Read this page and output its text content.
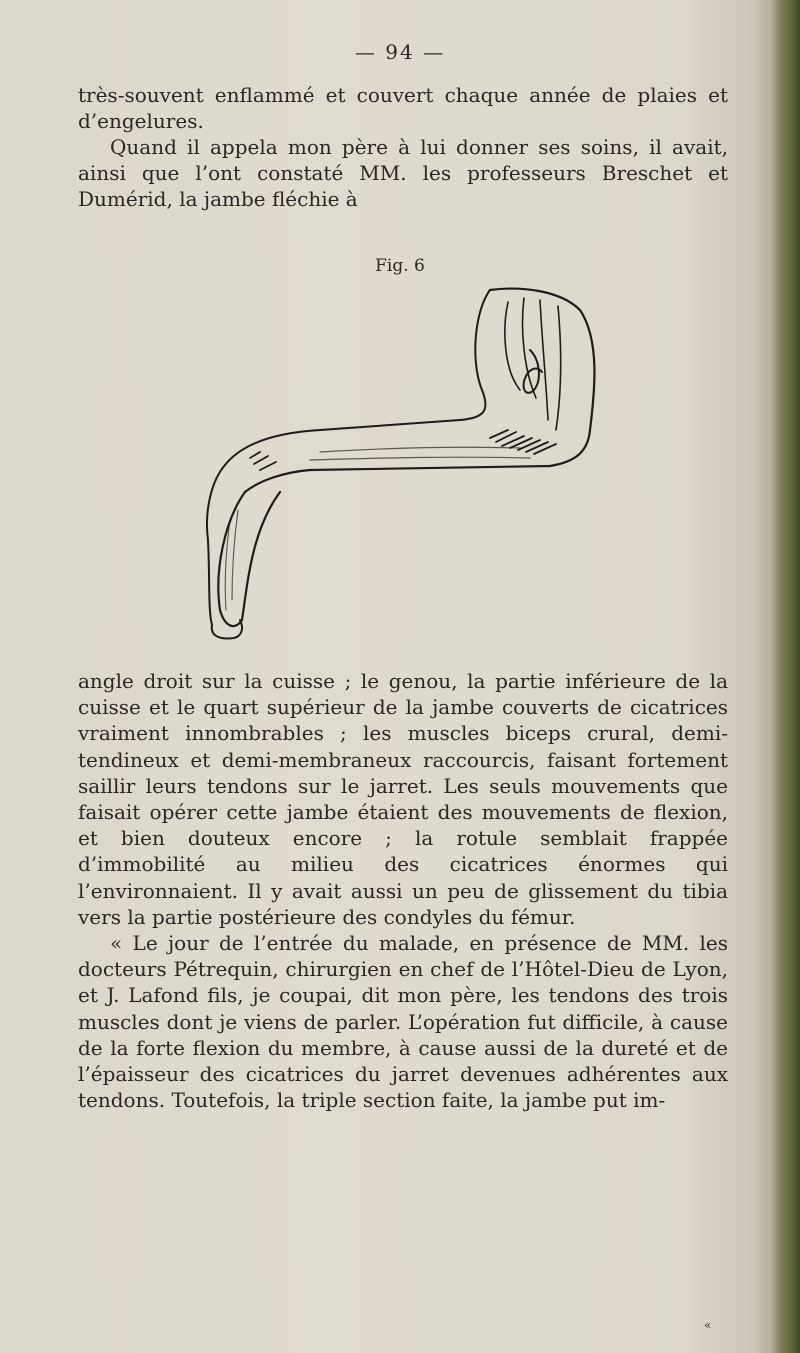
— 94 —

très-souvent enflammé et couvert chaque année de plaies et d’engelures.

Quand il appela mon père à lui donner ses soins, il avait, ainsi que l’ont constaté MM. les professeurs Breschet et Dumérid, la jambe fléchie à

Fig. 6

angle droit sur la cuisse ; le genou, la partie inférieure de la cuisse et le quart supérieur de la jambe couverts de cicatrices vraiment innombrables ; les muscles biceps crural, demi-tendineux et demi-membraneux raccourcis, faisant fortement saillir leurs tendons sur le jarret. Les seuls mouvements que faisait opérer cette jambe étaient des mouvements de flexion, et bien douteux encore ; la rotule semblait frappée d’immobilité au milieu des cicatrices énormes qui l’environnaient. Il y avait aussi un peu de glissement du tibia vers la partie postérieure des condyles du fémur.

« Le jour de l’entrée du malade, en présence de MM. les docteurs Pétrequin, chirurgien en chef de l’Hôtel-Dieu de Lyon, et J. Lafond fils, je coupai, dit mon père, les tendons des trois muscles dont je viens de parler. L’opération fut difficile, à cause de la forte flexion du membre, à cause aussi de la dureté et de l’épaisseur des cicatrices du jarret devenues adhérentes aux tendons. Toutefois, la triple section faite, la jambe put im-

«
